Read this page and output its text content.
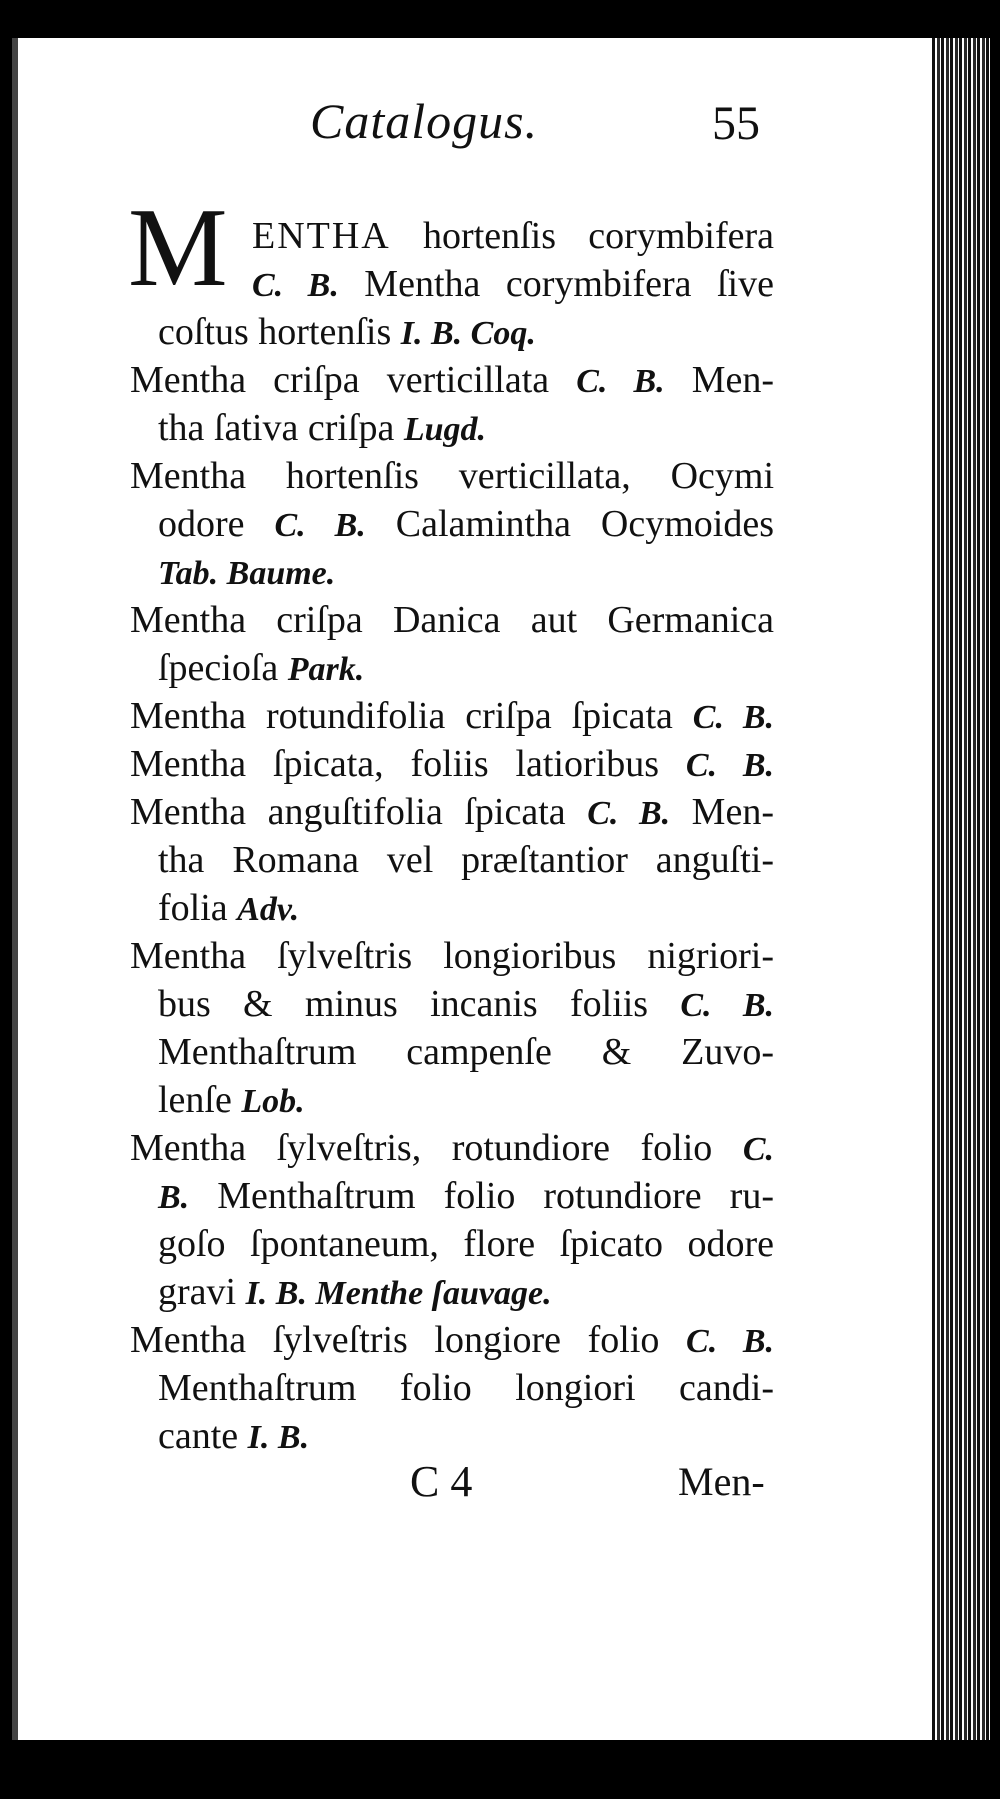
Catalogus.	55
M ENTHA hortenſis corymbifera
C. B. Mentha corymbifera ſive
coſtus hortenſis I. B. Coq.
Mentha criſpa verticillata C. B. Men-
tha ſativa criſpa Lugd.
Mentha hortenſis verticillata, Ocymi
odore C. B. Calamintha Ocymoides
Tab. Baume.
Mentha criſpa Danica aut Germanica
ſpecioſa Park.
Mentha rotundifolia criſpa ſpicata C. B.
Mentha ſpicata, foliis latioribus C. B.
Mentha anguſtifolia ſpicata C. B. Men-
tha Romana vel præſtantior anguſti-
folia Adv.
Mentha ſylveſtris longioribus nigriori-
bus & minus incanis foliis C. B.
Menthaſtrum campenſe & Zuvo-
lenſe Lob.
Mentha ſylveſtris, rotundiore folio C.
B. Menthaſtrum folio rotundiore ru-
goſo ſpontaneum, flore ſpicato odore
gravi I. B. Menthe ſauvage.
Mentha ſylveſtris longiore folio C. B.
Menthaſtrum folio longiori candi-
cante I. B.
C 4	Men-
